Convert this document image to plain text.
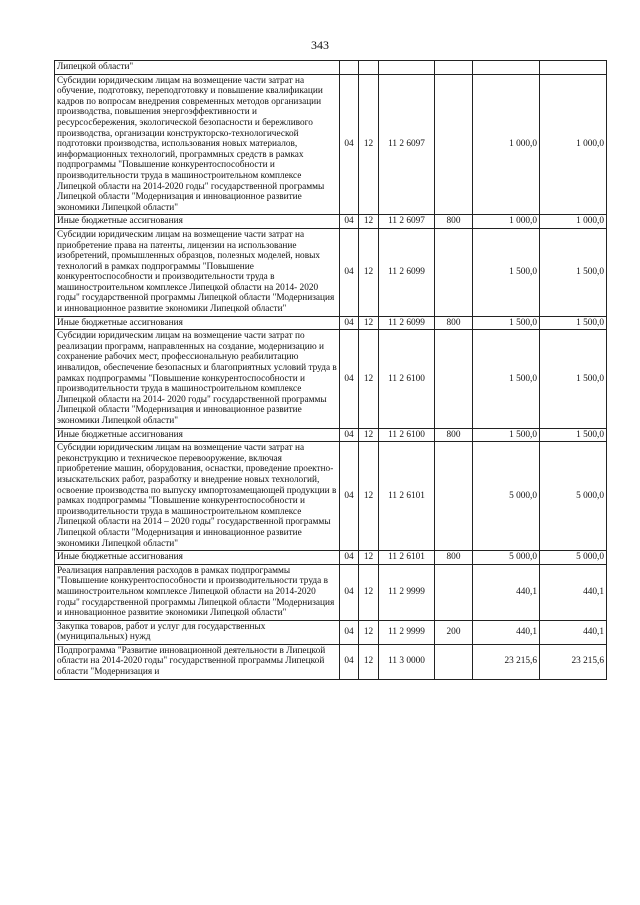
343
Липецкой области"						
Субсидии юридическим лицам на возмещение части затрат на обучение, подготовку, переподготовку и повышение квалификации кадров по вопросам внедрения современных методов организации производства, повышения энергоэффективности и ресурсосбережения, экологической безопасности и бережливого производства, организации конструкторско-технологической подготовки производства, использования новых материалов, информационных технологий, программных средств в рамках подпрограммы "Повышение конкурентоспособности и производительности труда в машиностроительном комплексе Липецкой области на 2014-2020 годы" государственной программы Липецкой области "Модернизация и инновационное развитие экономики Липецкой области"	04	12	11 2 6097		1 000,0	1 000,0
Иные бюджетные ассигнования	04	12	11 2 6097	800	1 000,0	1 000,0
Субсидии юридическим лицам на возмещение части затрат на приобретение права на патенты, лицензии на использование изобретений, промышленных образцов, полезных моделей, новых технологий в рамках подпрограммы "Повышение конкурентоспособности и производительности труда в машиностроительном комплексе Липецкой области на 2014- 2020 годы" государственной программы Липецкой области "Модернизация и инновационное развитие экономики Липецкой области"	04	12	11 2 6099		1 500,0	1 500,0
Иные бюджетные ассигнования	04	12	11 2 6099	800	1 500,0	1 500,0
Субсидии юридическим лицам на возмещение части затрат по реализации программ, направленных на создание, модернизацию и сохранение рабочих мест, профессиональную реабилитацию инвалидов, обеспечение безопасных и благоприятных условий труда в рамках подпрограммы "Повышение конкурентоспособности и производительности труда в машиностроительном комплексе Липецкой области на 2014- 2020 годы" государственной программы Липецкой области "Модернизация и инновационное развитие экономики Липецкой области"	04	12	11 2 6100		1 500,0	1 500,0
Иные бюджетные ассигнования	04	12	11 2 6100	800	1 500,0	1 500,0
Субсидии юридическим лицам на возмещение части затрат на реконструкцию и техническое перевооружение, включая приобретение машин, оборудования, оснастки, проведение проектно-изыскательских работ, разработку и внедрение новых технологий, освоение производства по выпуску импортозамещающей продукции в рамках подпрограммы "Повышение конкурентоспособности и производительности труда в машиностроительном комплексе Липецкой области на 2014 – 2020 годы" государственной программы Липецкой области "Модернизация и инновационное развитие экономики Липецкой области"	04	12	11 2 6101		5 000,0	5 000,0
Иные бюджетные ассигнования	04	12	11 2 6101	800	5 000,0	5 000,0
Реализация направления расходов в рамках подпрограммы "Повышение конкурентоспособности и производительности труда в машиностроительном комплексе Липецкой области на 2014-2020 годы" государственной программы Липецкой области "Модернизация и инновационное развитие экономики Липецкой области"	04	12	11 2 9999		440,1	440,1
Закупка товаров, работ и услуг для государственных (муниципальных) нужд	04	12	11 2 9999	200	440,1	440,1
Подпрограмма "Развитие инновационной деятельности в Липецкой области на 2014-2020 годы" государственной программы Липецкой области "Модернизация и	04	12	11 3 0000		23 215,6	23 215,6
